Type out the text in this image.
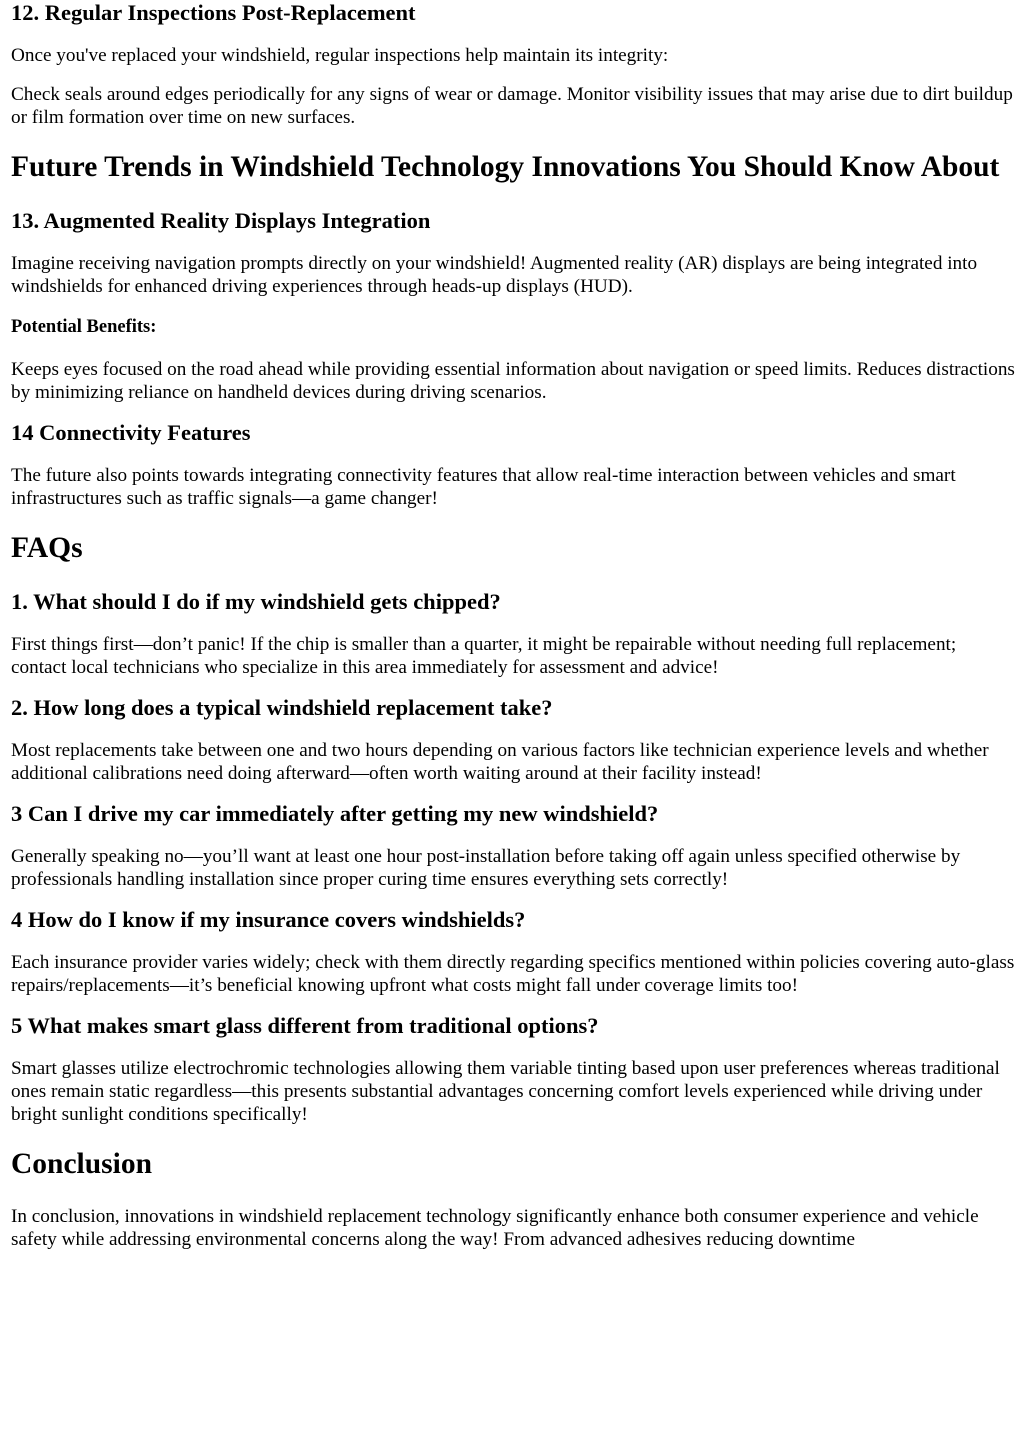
12. Regular Inspections Post-Replacement

Once you've replaced your windshield, regular inspections help maintain its integrity:

Check seals around edges periodically for any signs of wear or damage. Monitor visibility issues that may arise due to dirt buildup or film formation over time on new surfaces.

Future Trends in Windshield Technology Innovations You Should Know About
13. Augmented Reality Displays Integration

Imagine receiving navigation prompts directly on your windshield! Augmented reality (AR) displays are being integrated into windshields for enhanced driving experiences through heads-up displays (HUD).

Potential Benefits:

Keeps eyes focused on the road ahead while providing essential information about navigation or speed limits. Reduces distractions by minimizing reliance on handheld devices during driving scenarios.

14 Connectivity Features

The future also points towards integrating connectivity features that allow real-time interaction between vehicles and smart infrastructures such as traffic signals—a game changer!

FAQs
1. What should I do if my windshield gets chipped?

First things first—don’t panic! If the chip is smaller than a quarter, it might be repairable without needing full replacement; contact local technicians who specialize in this area immediately for assessment and advice!

2. How long does a typical windshield replacement take?

Most replacements take between one and two hours depending on various factors like technician experience levels and whether additional calibrations need doing afterward—often worth waiting around at their facility instead!

3 Can I drive my car immediately after getting my new windshield?

Generally speaking no—you’ll want at least one hour post-installation before taking off again unless specified otherwise by professionals handling installation since proper curing time ensures everything sets correctly!

4 How do I know if my insurance covers windshields?

Each insurance provider varies widely; check with them directly regarding specifics mentioned within policies covering auto-glass repairs/replacements—it’s beneficial knowing upfront what costs might fall under coverage limits too!

5 What makes smart glass different from traditional options?

Smart glasses utilize electrochromic technologies allowing them variable tinting based upon user preferences whereas traditional ones remain static regardless—this presents substantial advantages concerning comfort levels experienced while driving under bright sunlight conditions specifically!

Conclusion

In conclusion, innovations in windshield replacement technology significantly enhance both consumer experience and vehicle safety while addressing environmental concerns along the way! From advanced adhesives reducing downtime
